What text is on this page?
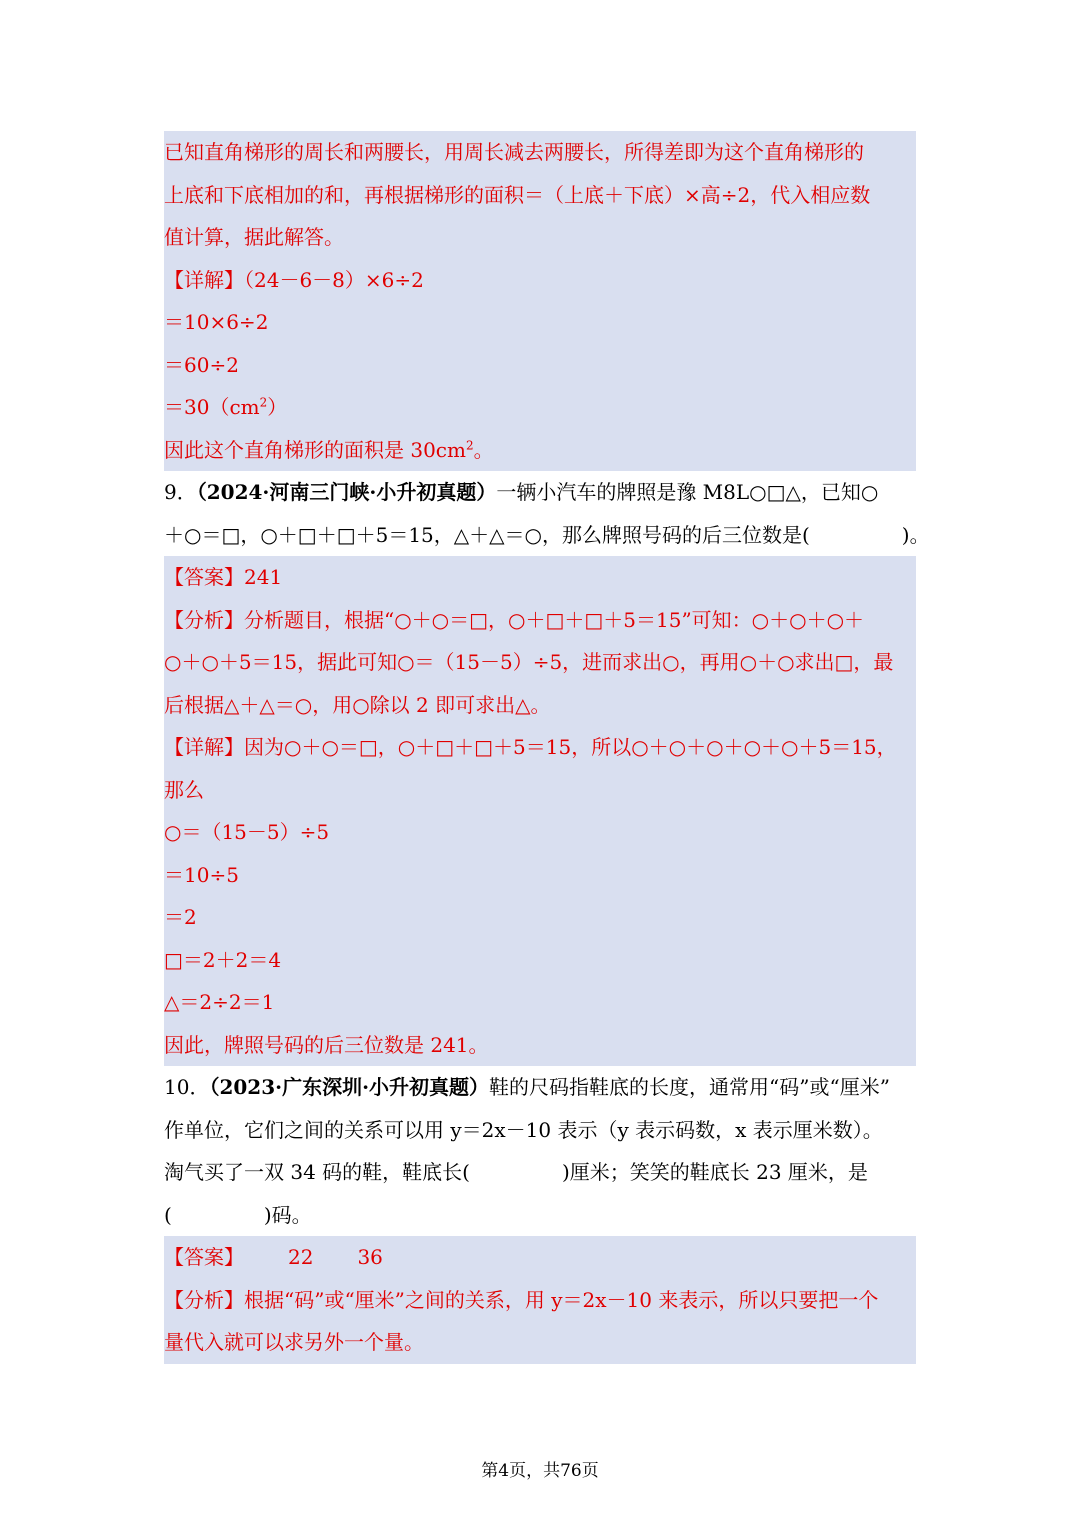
已知直角梯形的周长和两腰长，用周长减去两腰长，所得差即为这个直角梯形的
上底和下底相加的和，再根据梯形的面积＝（上底＋下底）×高÷2，代入相应数
值计算，据此解答。
【详解】（24－6－8）×6÷2
＝10×6÷2
＝60÷2
$=30(cm^2)$
因此这个直角梯形的面积是 $30cm^2$。
9．（2024·河南三门峡·小升初真题）一辆小汽车的牌照是豫 M8L○□△，已知○
＋○＝□，○＋□＋□＋5＝15，△＋△＝○，那么牌照号码的后三位数是(	)。
【答案】241
【分析】分析题目，根据“○＋○＝□，○＋□＋□＋5＝15”可知：○＋○＋○＋
○＋○＋5＝15，据此可知○＝（15－5）÷5，进而求出○，再用○＋○求出□，最
后根据△＋△＝○，用○除以 2 即可求出△。
【详解】因为○＋○＝□，○＋□＋□＋5＝15，所以○＋○＋○＋○＋○＋5＝15，
那么
○＝（15－5）÷5
＝10÷5
＝2
□＝2＋2＝4
△＝2÷2＝1
因此，牌照号码的后三位数是 241。
10．（2023·广东深圳·小升初真题）鞋的尺码指鞋底的长度，通常用“码”或“厘米”
作单位，它们之间的关系可以用 y＝2x－10 表示（y 表示码数，x 表示厘米数）。
淘气买了一双 34 码的鞋，鞋底长(	)厘米；笑笑的鞋底长 23 厘米，是
(	)码。
【答案】 22 36
【分析】根据“码”或“厘米”之间的关系，用 y＝2x－10 来表示，所以只要把一个
量代入就可以求另外一个量。
第4页，共76页
